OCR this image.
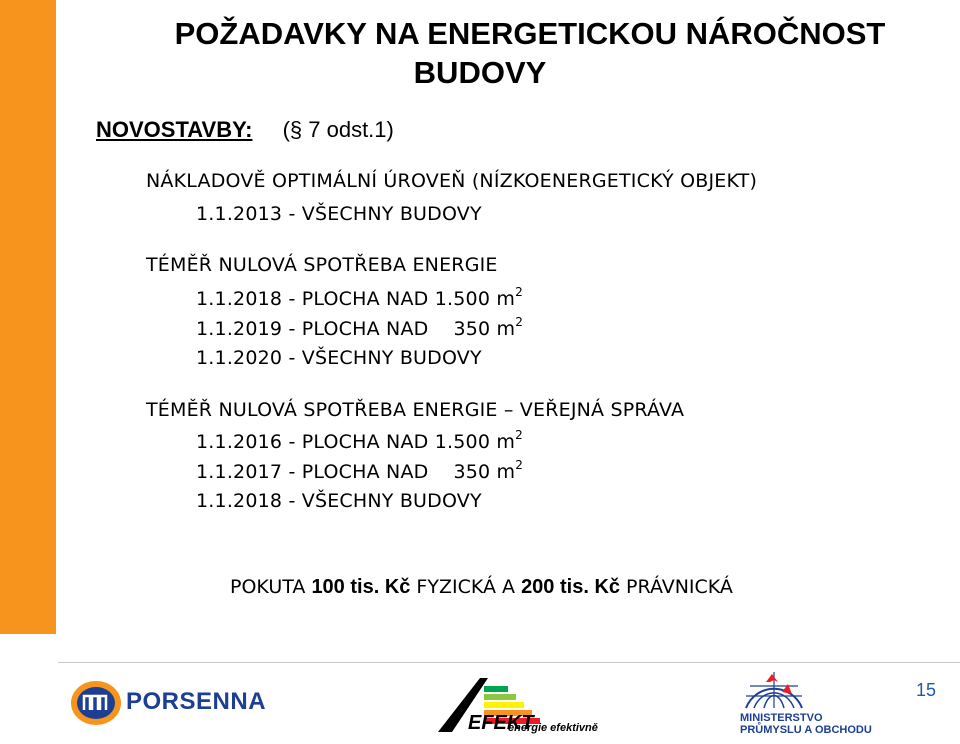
POŽADAVKY NA ENERGETICKOU NÁROČNOST
BUDOVY
NOVOSTAVBY: (§ 7 odst.1)
NÁKLADOVĚ OPTIMÁLNÍ ÚROVEŇ (NÍZKOENERGETICKÝ OBJEKT)
1.1.2013 - VŠECHNY BUDOVY
TÉMĚŘ NULOVÁ SPOTŘEBA ENERGIE
1.1.2018 - PLOCHA NAD 1.500 $m^2$
1.1.2019 - PLOCHA NAD    350 $m^2$
1.1.2020 - VŠECHNY BUDOVY
TÉMĚŘ NULOVÁ SPOTŘEBA ENERGIE – VEŘEJNÁ SPRÁVA
1.1.2016 - PLOCHA NAD 1.500 $m^2$
1.1.2017 - PLOCHA NAD    350 $m^2$
1.1.2018 - VŠECHNY BUDOVY
POKUTA 100 tis. Kč FYZICKÁ A 200 tis. Kč PRÁVNICKÁ
PORSENNA
EFEKT
energie efektivně
MINISTERSTVO
PRŮMYSLU A OBCHODU
15
